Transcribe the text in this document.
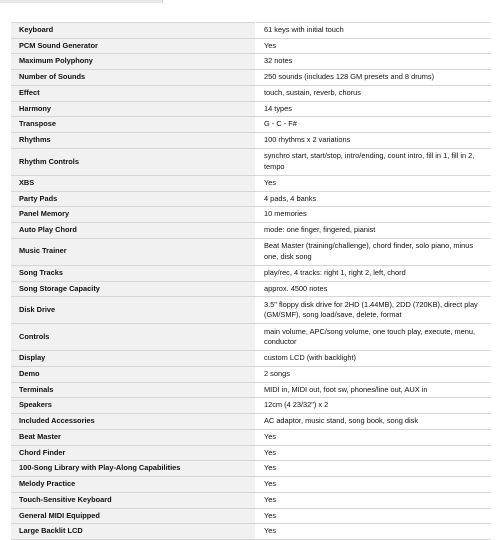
Keyboard	61 keys with initial touch
PCM Sound Generator	Yes
Maximum Polyphony	32 notes
Number of Sounds	250 sounds (includes 128 GM presets and 8 drums)
Effect	touch, sustain, reverb, chorus
Harmony	14 types
Transpose	G - C - F#
Rhythms	100 rhythms x 2 variations
Rhythm Controls	synchro start, start/stop, intro/ending, count intro, fill in 1, fill in 2, tempo
XBS	Yes
Party Pads	4 pads, 4 banks
Panel Memory	10 memories
Auto Play Chord	mode: one finger, fingered, pianist
Music Trainer	Beat Master (training/challenge), chord finder, solo piano, minus one, disk song
Song Tracks	play/rec, 4 tracks: right 1, right 2, left, chord
Song Storage Capacity	approx. 4500 notes
Disk Drive	3.5" floppy disk drive for 2HD (1.44MB), 2DD (720KB), direct play (GM/SMF), song load/save, delete, format
Controls	main volume, APC/song volume, one touch play, execute, menu, conductor
Display	custom LCD (with backlight)
Demo	2 songs
Terminals	MIDI in, MIDI out, foot sw, phones/line out, AUX in
Speakers	12cm (4 23/32") x 2
Included Accessories	AC adaptor, music stand, song book, song disk
Beat Master	Yes
Chord Finder	Yes
100-Song Library with Play-Along Capabilities	Yes
Melody Practice	Yes
Touch-Sensitive Keyboard	Yes
General MIDI Equipped	Yes
Large Backlit LCD	Yes
